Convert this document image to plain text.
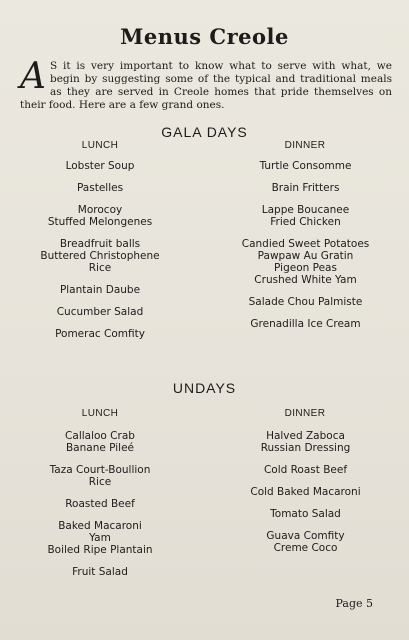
Menus Creole
A S it is very important to know what to serve with what, we begin by suggesting some of the typical and traditional meals as they are served in Creole homes that pride themselves on their food. Here are a few grand ones.
GALA DAYS
LUNCH	DINNER
Lobster Soup
Pastelles
Morocoy
Stuffed Melongenes
Breadfruit balls
Buttered Christophene
Rice
Plantain Daube
Cucumber Salad
Pomerac Comfity
Turtle Consomme
Brain Fritters
Lappe Boucanee
Fried Chicken
Candied Sweet Potatoes
Pawpaw Au Gratin
Pigeon Peas
Crushed White Yam
Salade Chou Palmiste
Grenadilla Ice Cream
UNDAYS
LUNCH	DINNER
Callaloo Crab
Banane Pileé
Taza Court-Boullion
Rice
Roasted Beef
Baked Macaroni
Yam
Boiled Ripe Plantain
Fruit Salad
Halved Zaboca
Russian Dressing
Cold Roast Beef
Cold Baked Macaroni
Tomato Salad
Guava Comfity
Creme Coco
Page 5
